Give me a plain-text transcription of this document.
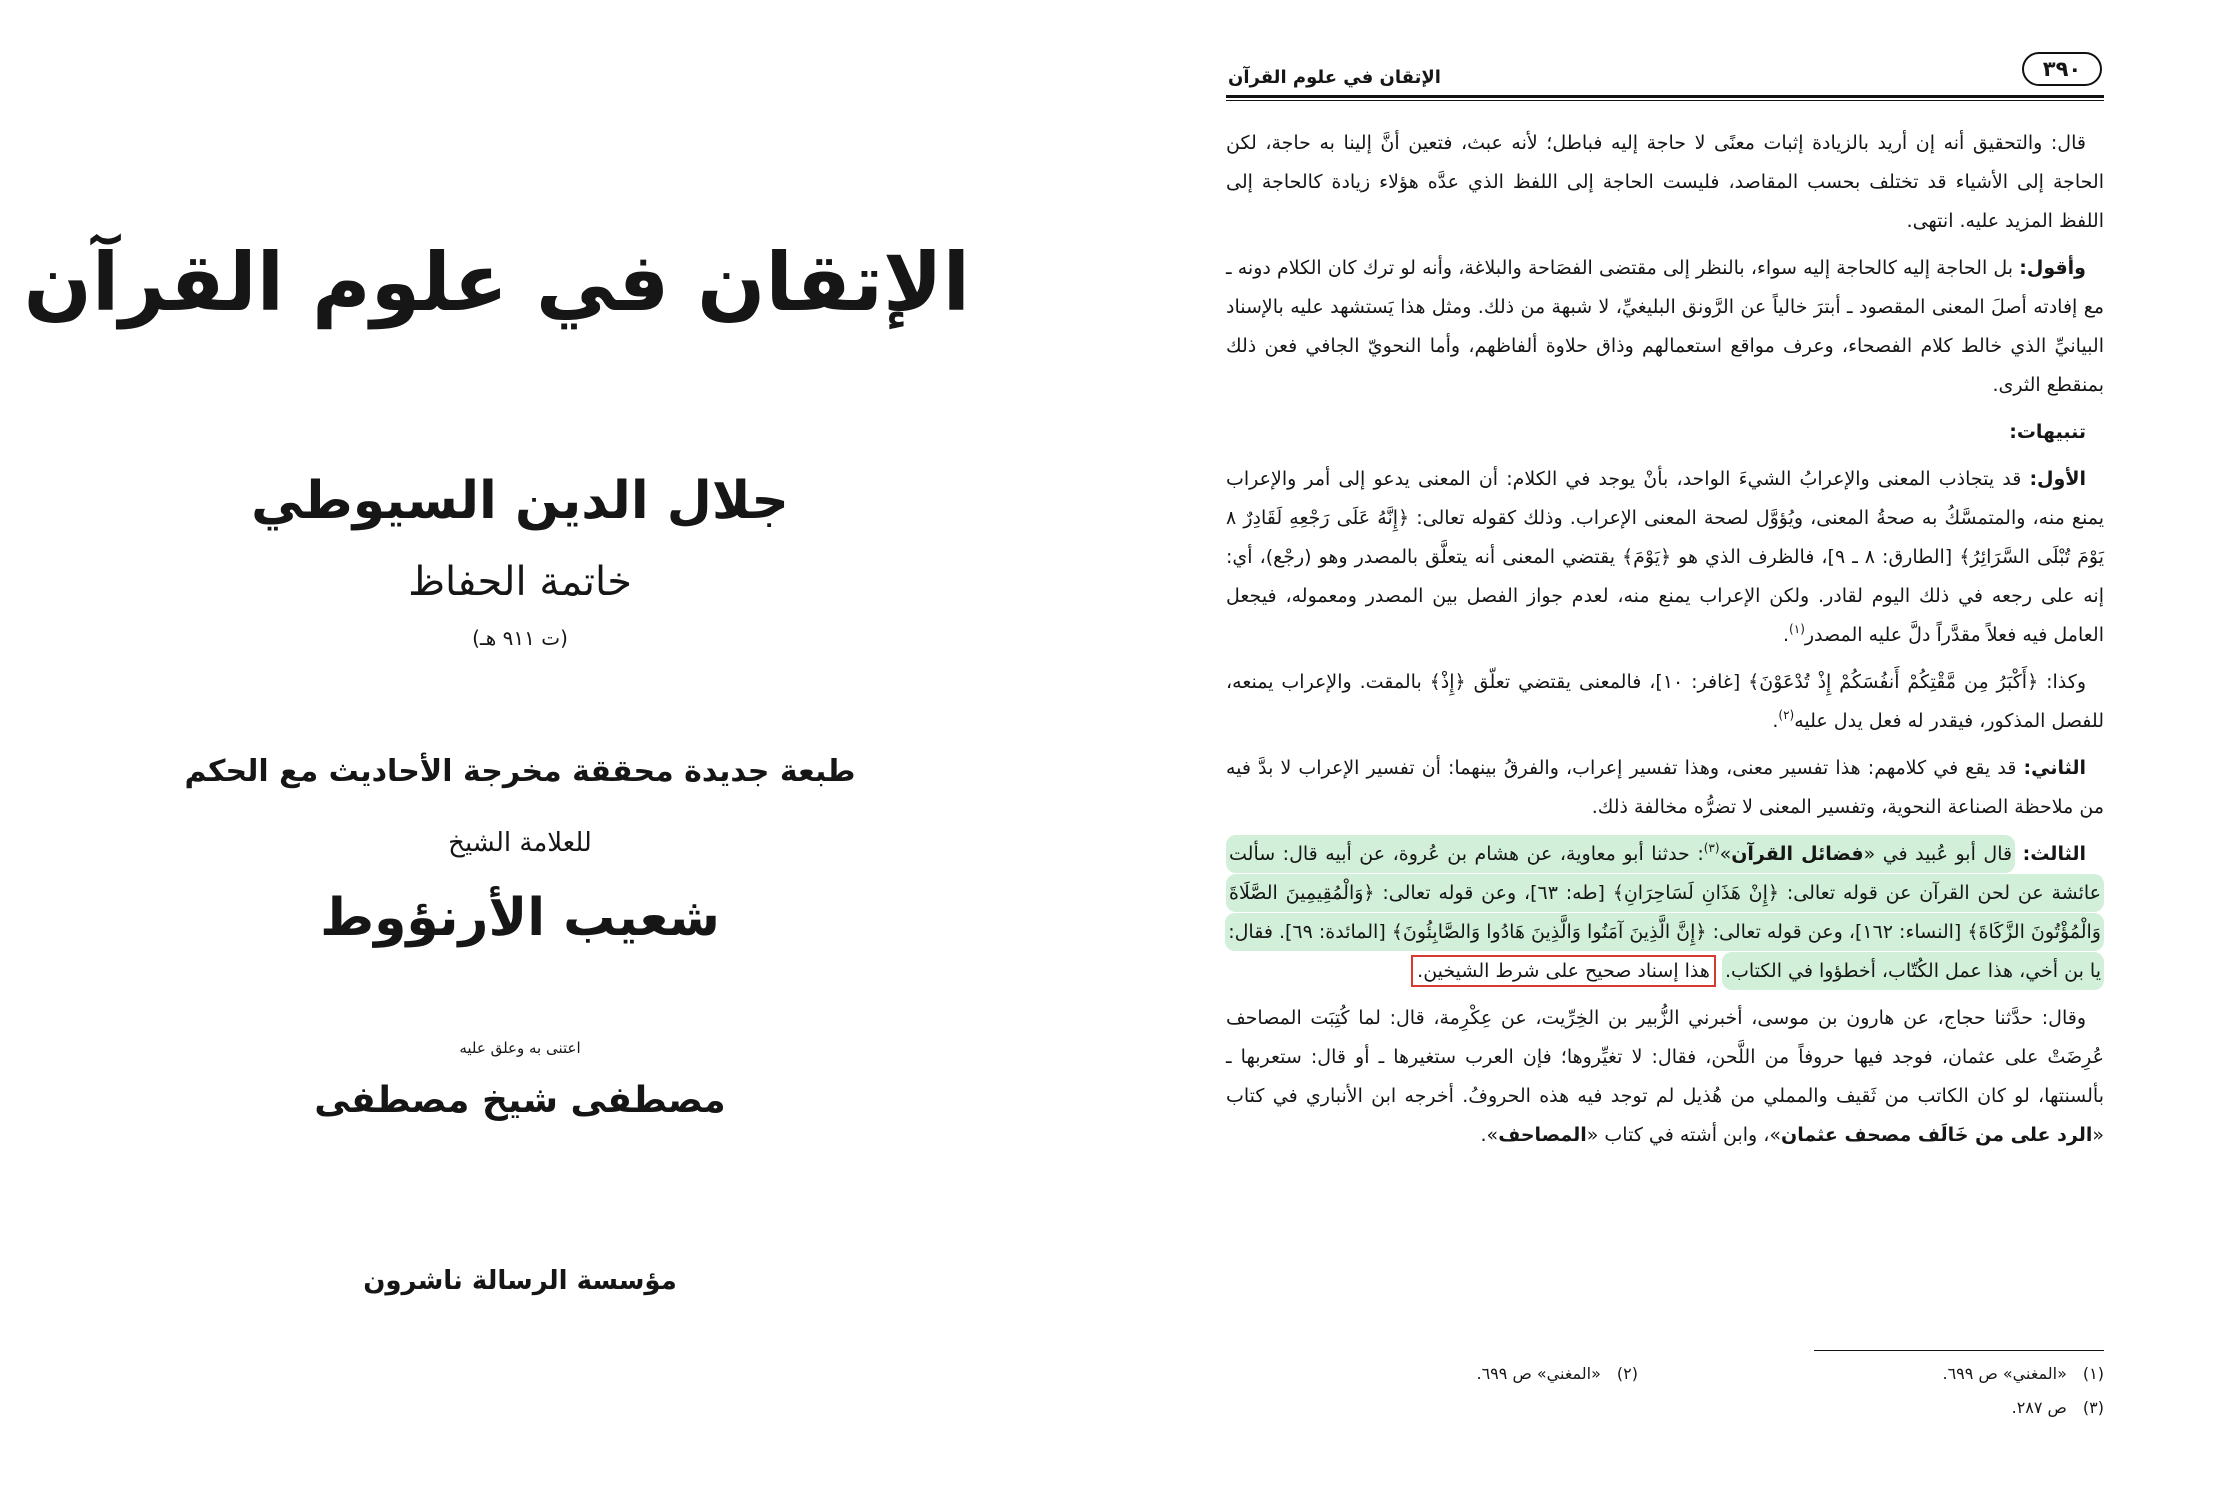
الإتقان في علوم القرآن
جلال الدين السيوطي
خاتمة الحفاظ
(ت ٩١١ هـ)
طبعة جديدة محققة مخرجة الأحاديث مع الحكم
للعلامة الشيخ
شعيب الأرنؤوط
اعتنى به وعلق عليه
مصطفى شيخ مصطفى
مؤسسة الرسالة ناشرون
٣٩٠
الإتقان في علوم القرآن

قال: والتحقيق أنه إن أريد بالزيادة إثبات معنًى لا حاجة إليه فباطل؛ لأنه عبث، فتعين أنَّ إلينا به حاجة، لكن الحاجة إلى الأشياء قد تختلف بحسب المقاصد، فليست الحاجة إلى اللفظ الذي عدَّه هؤلاء زيادة كالحاجة إلى اللفظ المزيد عليه. انتهى.

وأقول: بل الحاجة إليه كالحاجة إليه سواء، بالنظر إلى مقتضى الفصَاحة والبلاغة، وأنه لو ترك كان الكلام دونه ـ مع إفادته أصلَ المعنى المقصود ـ أبترَ خالياً عن الرَّونق البليغيِّ، لا شبهة من ذلك. ومثل هذا يَستشهد عليه بالإسناد البيانيِّ الذي خالط كلام الفصحاء، وعرف مواقع استعمالهم وذاق حلاوة ألفاظهم، وأما النحويّ الجافي فعن ذلك بمنقطع الثرى.

تنبيهات:

الأول: قد يتجاذب المعنى والإعرابُ الشيءَ الواحد، بأنْ يوجد في الكلام: أن المعنى يدعو إلى أمر والإعراب يمنع منه، والمتمسَّكُ به صحةُ المعنى، ويُؤوَّل لصحة المعنى الإعراب. وذلك كقوله تعالى: ﴿إِنَّهُ عَلَى رَجْعِهِ لَقَادِرٌ ٨ يَوْمَ تُبْلَى السَّرَائِرُ﴾ [الطارق: ٨ ـ ٩]، فالظرف الذي هو ﴿يَوْمَ﴾ يقتضي المعنى أنه يتعلَّق بالمصدر وهو (رجْع)، أي: إنه على رجعه في ذلك اليوم لقادر. ولكن الإعراب يمنع منه، لعدم جواز الفصل بين المصدر ومعموله، فيجعل العامل فيه فعلاً مقدَّراً دلَّ عليه المصدر$^{(١)}$.

وكذا: ﴿أَكْبَرُ مِن مَّقْتِكُمْ أَنفُسَكُمْ إِذْ تُدْعَوْنَ﴾ [غافر: ١٠]، فالمعنى يقتضي تعلّق ﴿إِذْ﴾ بالمقت. والإعراب يمنعه، للفصل المذكور، فيقدر له فعل يدل عليه$^{(٢)}$.

الثاني: قد يقع في كلامهم: هذا تفسير معنى، وهذا تفسير إعراب، والفرقُ بينهما: أن تفسير الإعراب لا بدَّ فيه من ملاحظة الصناعة النحوية، وتفسير المعنى لا تضرُّه مخالفة ذلك.

الثالث: قال أبو عُبيد في «فضائل القرآن»$^{(٣)}$: حدثنا أبو معاوية، عن هشام بن عُروة، عن أبيه قال: سألت عائشة عن لحن القرآن عن قوله تعالى: ﴿إِنْ هَذَانِ لَسَاحِرَانِ﴾ [طه: ٦٣]، وعن قوله تعالى: ﴿وَالْمُقِيمِينَ الصَّلَاةَ وَالْمُؤْتُونَ الزَّكَاةَ﴾ [النساء: ١٦٢]، وعن قوله تعالى: ﴿إِنَّ الَّذِينَ آمَنُوا وَالَّذِينَ هَادُوا وَالصَّابِئُونَ﴾ [المائدة: ٦٩]. فقال: يا بن أخي، هذا عمل الكُتّاب، أخطؤوا في الكتاب. هذا إسناد صحيح على شرط الشيخين.

وقال: حدَّثنا حجاج، عن هارون بن موسى، أخبرني الزُّبير بن الخِرِّيت، عن عِكْرِمة، قال: لما كُتِبَت المصاحف عُرِضَتْ على عثمان، فوجد فيها حروفاً من اللَّحن، فقال: لا تغيِّروها؛ فإن العرب ستغيرها ـ أو قال: ستعربها ـ بألسنتها، لو كان الكاتب من ثَقيف والمملي من هُذيل لم توجد فيه هذه الحروفُ. أخرجه ابن الأنباري في كتاب «الرد على من خَالَف مصحف عثمان»، وابن أشته في كتاب «المصاحف».

(١)«المغني» ص ٦٩٩.
(٢)«المغني» ص ٦٩٩.
(٣)ص ٢٨٧.
